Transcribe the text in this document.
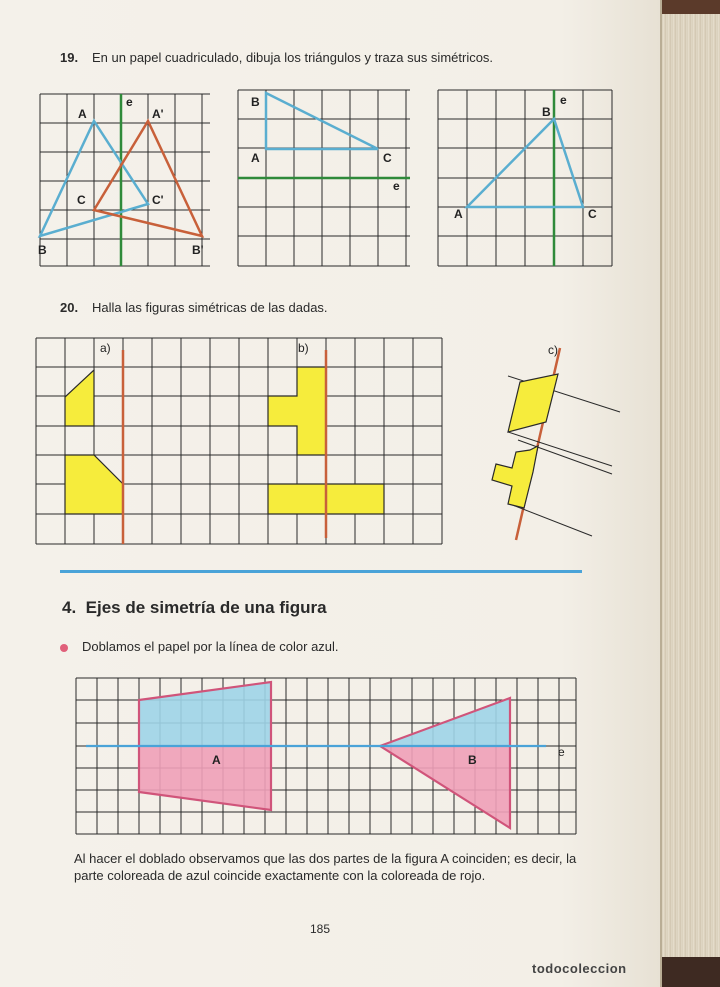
19. En un papel cuadriculado, dibuja los triángulos y traza sus simétricos.
A
e
A'
C	C'
B	B'
B
A	C
e
B
e
A	C
20. Halla las figuras simétricas de las dadas.
a)	b)	c)
4. Ejes de simetría de una figura
Doblamos el papel por la línea de color azul.
A	B
e
Al hacer el doblado observamos que las dos partes de la figura A coinciden; es decir, la parte coloreada de azul coincide exactamente con la coloreada de rojo.
185
todocoleccion
